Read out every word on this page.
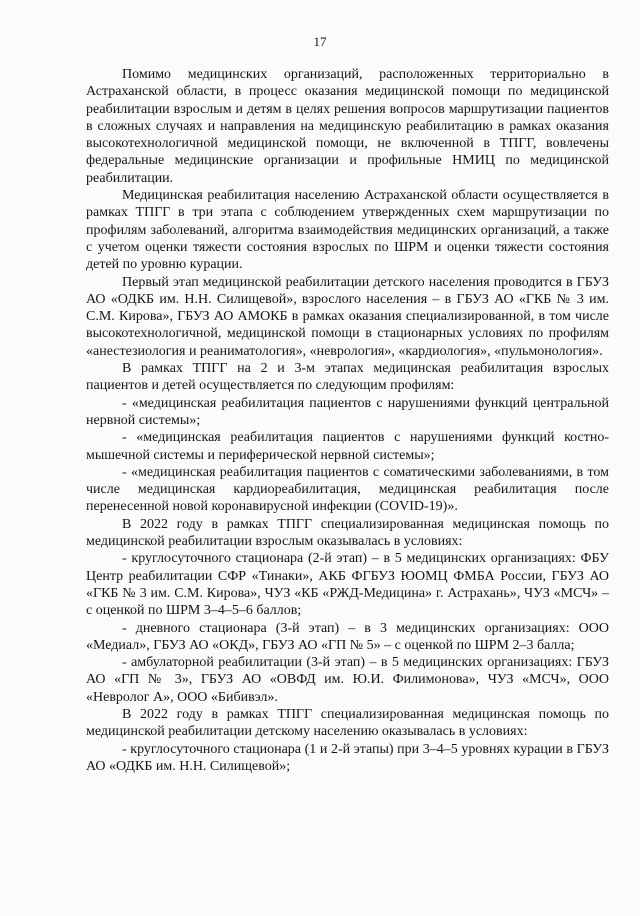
17

Помимо медицинских организаций, расположенных территориально в Астраханской области, в процесс оказания медицинской помощи по медицинской реабилитации взрослым и детям в целях решения вопросов маршрутизации пациентов в сложных случаях и направления на медицинскую реабилитацию в рамках оказания высокотехнологичной медицинской помощи, не включенной в ТПГГ, вовлечены федеральные медицинские организации и профильные НМИЦ по медицинской реабилитации.

Медицинская реабилитация населению Астраханской области осуществляется в рамках ТПГГ в три этапа с соблюдением утвержденных схем маршрутизации по профилям заболеваний, алгоритма взаимодействия медицинских организаций, а также с учетом оценки тяжести состояния взрослых по ШРМ и оценки тяжести состояния детей по уровню курации.

Первый этап медицинской реабилитации детского населения проводится в ГБУЗ АО «ОДКБ им. Н.Н. Силищевой», взрослого населения – в ГБУЗ АО «ГКБ № 3 им. С.М. Кирова», ГБУЗ АО АМОКБ в рамках оказания специализированной, в том числе высокотехнологичной, медицинской помощи в стационарных условиях по профилям «анестезиология и реаниматология», «неврология», «кардиология», «пульмонология».

В рамках ТПГГ на 2 и 3-м этапах медицинская реабилитация взрослых пациентов и детей осуществляется по следующим профилям:

- «медицинская реабилитация пациентов с нарушениями функций центральной нервной системы»;

- «медицинская реабилитация пациентов с нарушениями функций костно-мышечной системы и периферической нервной системы»;

- «медицинская реабилитация пациентов с соматическими заболеваниями, в том числе медицинская кардиореабилитация, медицинская реабилитация после перенесенной новой коронавирусной инфекции (COVID-19)».

В 2022 году в рамках ТПГГ специализированная медицинская помощь по медицинской реабилитации взрослым оказывалась в условиях:

- круглосуточного стационара (2-й этап) – в 5 медицинских организациях: ФБУ Центр реабилитации СФР «Тинаки», АКБ ФГБУЗ ЮОМЦ ФМБА России, ГБУЗ АО «ГКБ № 3 им. С.М. Кирова», ЧУЗ «КБ «РЖД-Медицина» г. Астрахань», ЧУЗ «МСЧ» – с оценкой по ШРМ 3–4–5–6 баллов;

- дневного стационара (3-й этап) – в 3 медицинских организациях: ООО «Медиал», ГБУЗ АО «ОКД», ГБУЗ АО «ГП № 5» – с оценкой по ШРМ 2–3 балла;

- амбулаторной реабилитации (3-й этап) – в 5 медицинских организациях: ГБУЗ АО «ГП № 3», ГБУЗ АО «ОВФД им. Ю.И. Филимонова», ЧУЗ «МСЧ», ООО «Невролог А», ООО «Бибивэл».

В 2022 году в рамках ТПГГ специализированная медицинская помощь по медицинской реабилитации детскому населению оказывалась в условиях:

- круглосуточного стационара (1 и 2-й этапы) при 3–4–5 уровнях курации в ГБУЗ АО «ОДКБ им. Н.Н. Силищевой»;
